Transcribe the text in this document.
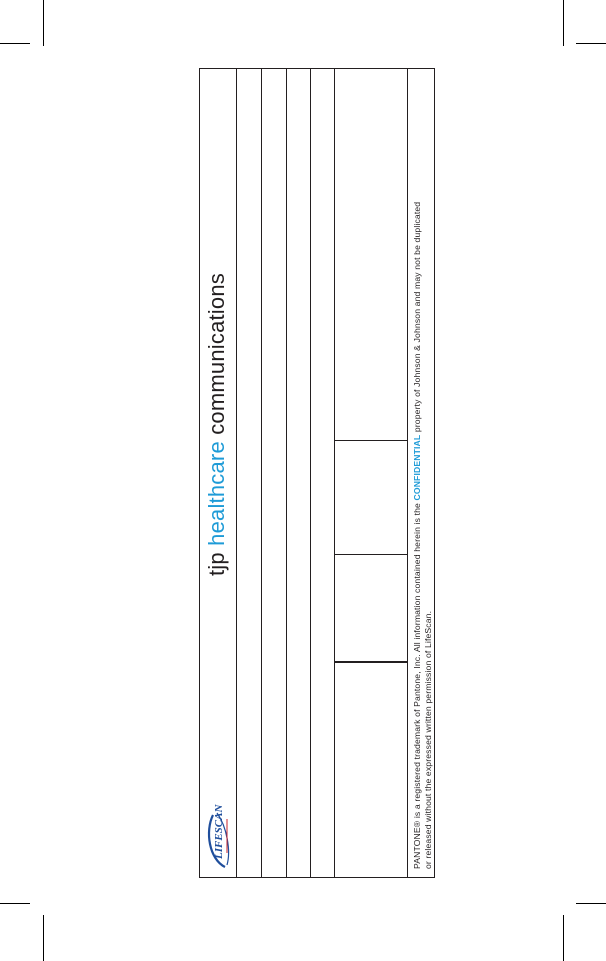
LIFESCAN
tjp healthcare communications
PANTONE® is a registered trademark of Pantone, Inc. All information contained herein is the CONFIDENTIAL property of Johnson & Johnson and may not be duplicated
or released without the expressed written permission of LifeScan.
